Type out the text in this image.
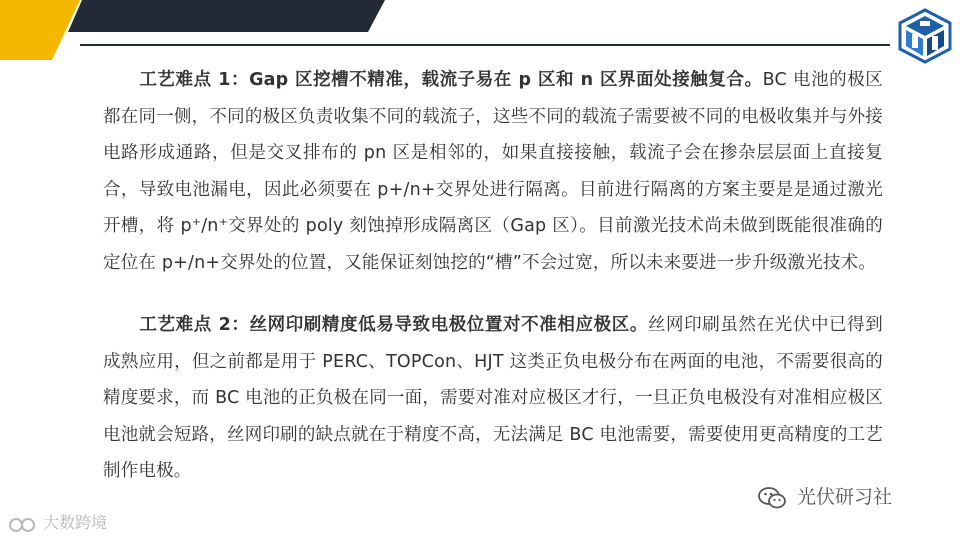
工艺难点 1：Gap 区挖槽不精准，载流子易在 p 区和 n 区界面处接触复合。BC 电池的极区都在同一侧，不同的极区负责收集不同的载流子，这些不同的载流子需要被不同的电极收集并与外接电路形成通路，但是交叉排布的 pn 区是相邻的，如果直接接触，载流子会在掺杂层层面上直接复合，导致电池漏电，因此必须要在 p+/n+交界处进行隔离。目前进行隔离的方案主要是是通过激光开槽，将 p⁺/n⁺交界处的 poly 刻蚀掉形成隔离区（Gap 区）。目前激光技术尚未做到既能很准确的定位在 p+/n+交界处的位置，又能保证刻蚀挖的“槽”不会过宽，所以未来要进一步升级激光技术。

工艺难点 2：丝网印刷精度低易导致电极位置对不准相应极区。丝网印刷虽然在光伏中已得到成熟应用，但之前都是用于 PERC、TOPCon、HJT 这类正负电极分布在两面的电池，不需要很高的精度要求，而 BC 电池的正负极在同一面，需要对准对应极区才行，一旦正负电极没有对准相应极区电池就会短路，丝网印刷的缺点就在于精度不高，无法满足 BC 电池需要，需要使用更高精度的工艺制作电极。

大数跨境
光伏研习社
